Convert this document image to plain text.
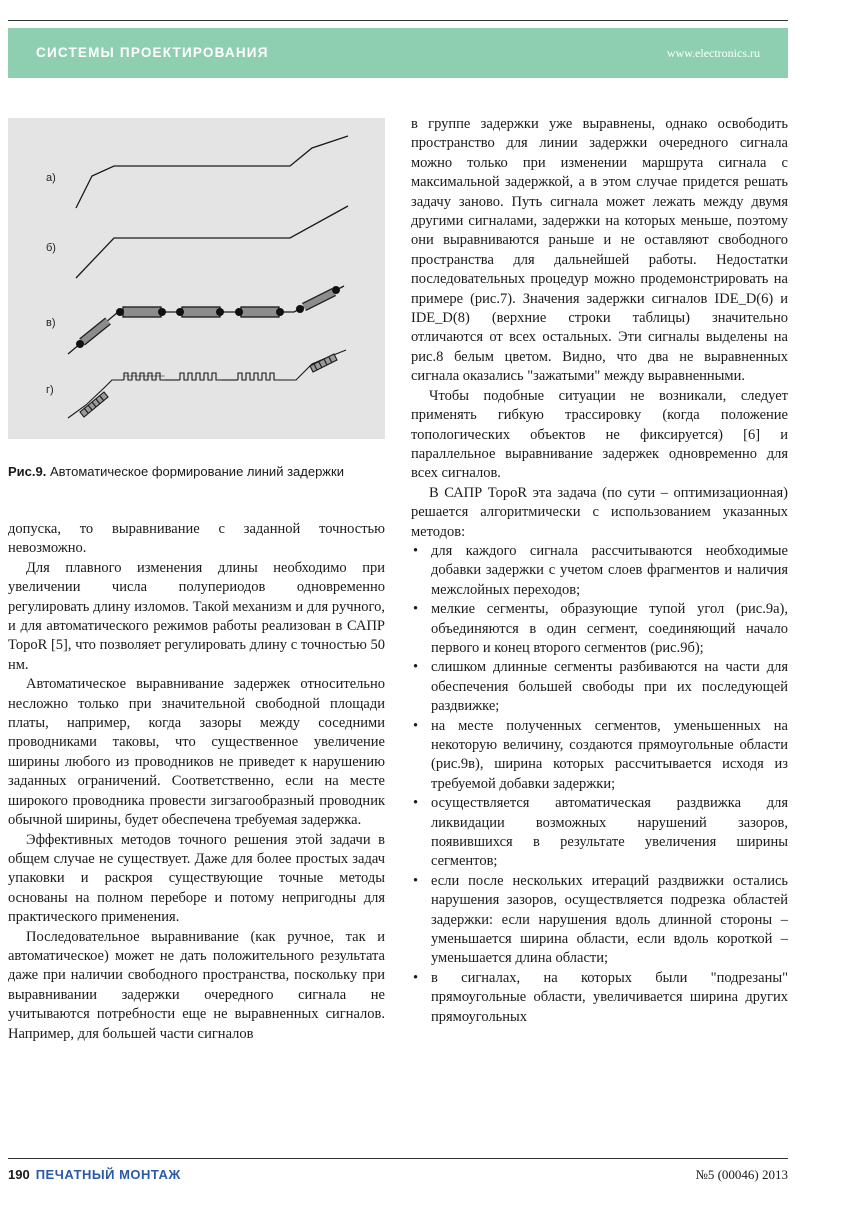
СИСТЕМЫ ПРОЕКТИРОВАНИЯ	www.electronics.ru
а)
б)
в)
г)
Рис.9. Автоматическое формирование линий задержки

допуска, то выравнивание с заданной точностью невозможно.

Для плавного изменения длины необходимо при увеличении числа полупериодов одновременно регулировать длину изломов. Такой механизм и для ручного, и для автоматического режимов работы реализован в САПР TopoR [5], что позволяет регулировать длину с точностью 50 нм.

Автоматическое выравнивание задержек относительно несложно только при значительной свободной площади платы, например, когда зазоры между соседними проводниками таковы, что существенное увеличение ширины любого из проводников не приведет к нарушению заданных ограничений. Соответственно, если на месте широкого проводника провести зигзагообразный проводник обычной ширины, будет обеспечена требуемая задержка.

Эффективных методов точного решения этой задачи в общем случае не существует. Даже для более простых задач упаковки и раскроя существующие точные методы основаны на полном переборе и потому непригодны для практического применения.

Последовательное выравнивание (как ручное, так и автоматическое) может не дать положительного результата даже при наличии свободного пространства, поскольку при выравнивании задержки очередного сигнала не учитываются потребности еще не выравненных сигналов. Например, для большей части сигналов

в группе задержки уже выравнены, однако освободить пространство для линии задержки очередного сигнала можно только при изменении маршрута сигнала с максимальной задержкой, а в этом случае придется решать задачу заново. Путь сигнала может лежать между двумя другими сигналами, задержки на которых меньше, поэтому они выравниваются раньше и не оставляют свободного пространства для дальнейшей работы. Недостатки последовательных процедур можно продемонстрировать на примере (рис.7). Значения задержки сигналов IDE_D(6) и IDE_D(8) (верхние строки таблицы) значительно отличаются от всех остальных. Эти сигналы выделены на рис.8 белым цветом. Видно, что два не выравненных сигнала оказались "зажатыми" между выравненными.

Чтобы подобные ситуации не возникали, следует применять гибкую трассировку (когда положение топологических объектов не фиксируется) [6] и параллельное выравнивание задержек одновременно для всех сигналов.

В САПР TopoR эта задача (по сути – оптимизационная) решается алгоритмически с использованием указанных методов:

• для каждого сигнала рассчитываются необходимые добавки задержки с учетом слоев фрагментов и наличия межслойных переходов;
• мелкие сегменты, образующие тупой угол (рис.9а), объединяются в один сегмент, соединяющий начало первого и конец второго сегментов (рис.9б);
• слишком длинные сегменты разбиваются на части для обеспечения большей свободы при их последующей раздвижке;
• на месте полученных сегментов, уменьшенных на некоторую величину, создаются прямоугольные области (рис.9в), ширина которых рассчитывается исходя из требуемой добавки задержки;
• осуществляется автоматическая раздвижка для ликвидации возможных нарушений зазоров, появившихся в результате увеличения ширины сегментов;
• если после нескольких итераций раздвижки остались нарушения зазоров, осуществляется подрезка областей задержки: если нарушения вдоль длинной стороны – уменьшается ширина области, если вдоль короткой – уменьшается длина области;
• в сигналах, на которых были "подрезаны" прямоугольные области, увеличивается ширина других прямоугольных
190 ПЕЧАТНЫЙ МОНТАЖ	№5 (00046) 2013
